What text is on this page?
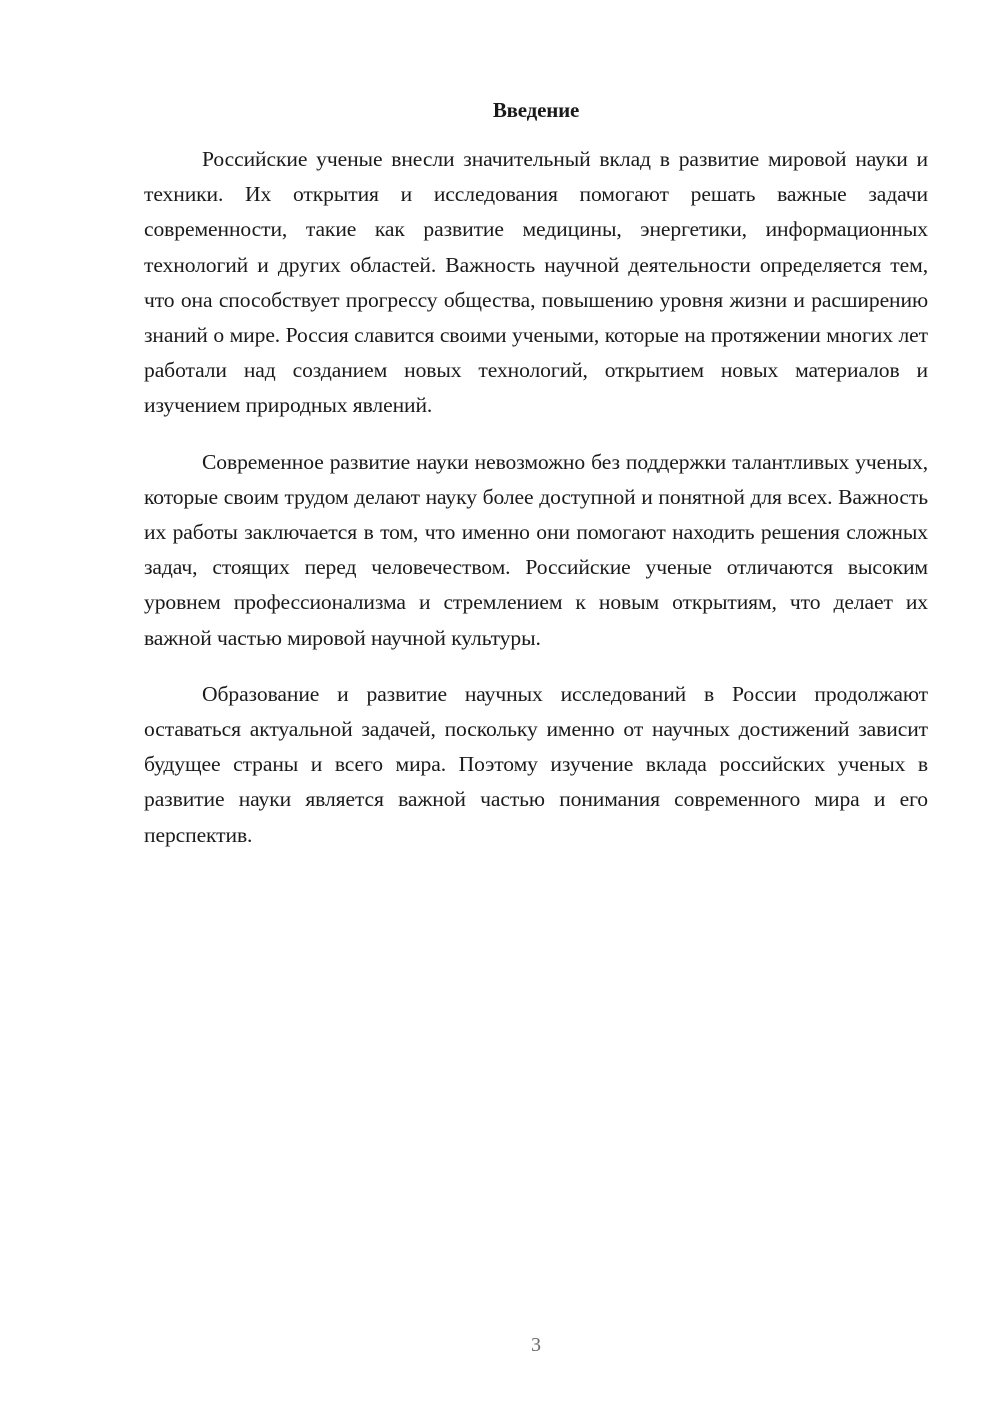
Введение

Российские ученые внесли значительный вклад в развитие мировой науки и техники. Их открытия и исследования помогают решать важные задачи современности, такие как развитие медицины, энергетики, информационных технологий и других областей. Важность научной деятельности определяется тем, что она способствует прогрессу общества, повышению уровня жизни и расширению знаний о мире. Россия славится своими учеными, которые на протяжении многих лет работали над созданием новых технологий, открытием новых материалов и изучением природных явлений.

Современное развитие науки невозможно без поддержки талантливых ученых, которые своим трудом делают науку более доступной и понятной для всех. Важность их работы заключается в том, что именно они помогают находить решения сложных задач, стоящих перед человечеством. Российские ученые отличаются высоким уровнем профессионализма и стремлением к новым открытиям, что делает их важной частью мировой научной культуры.

Образование и развитие научных исследований в России продолжают оставаться актуальной задачей, поскольку именно от научных достижений зависит будущее страны и всего мира. Поэтому изучение вклада российских ученых в развитие науки является важной частью понимания современного мира и его перспектив.

3
